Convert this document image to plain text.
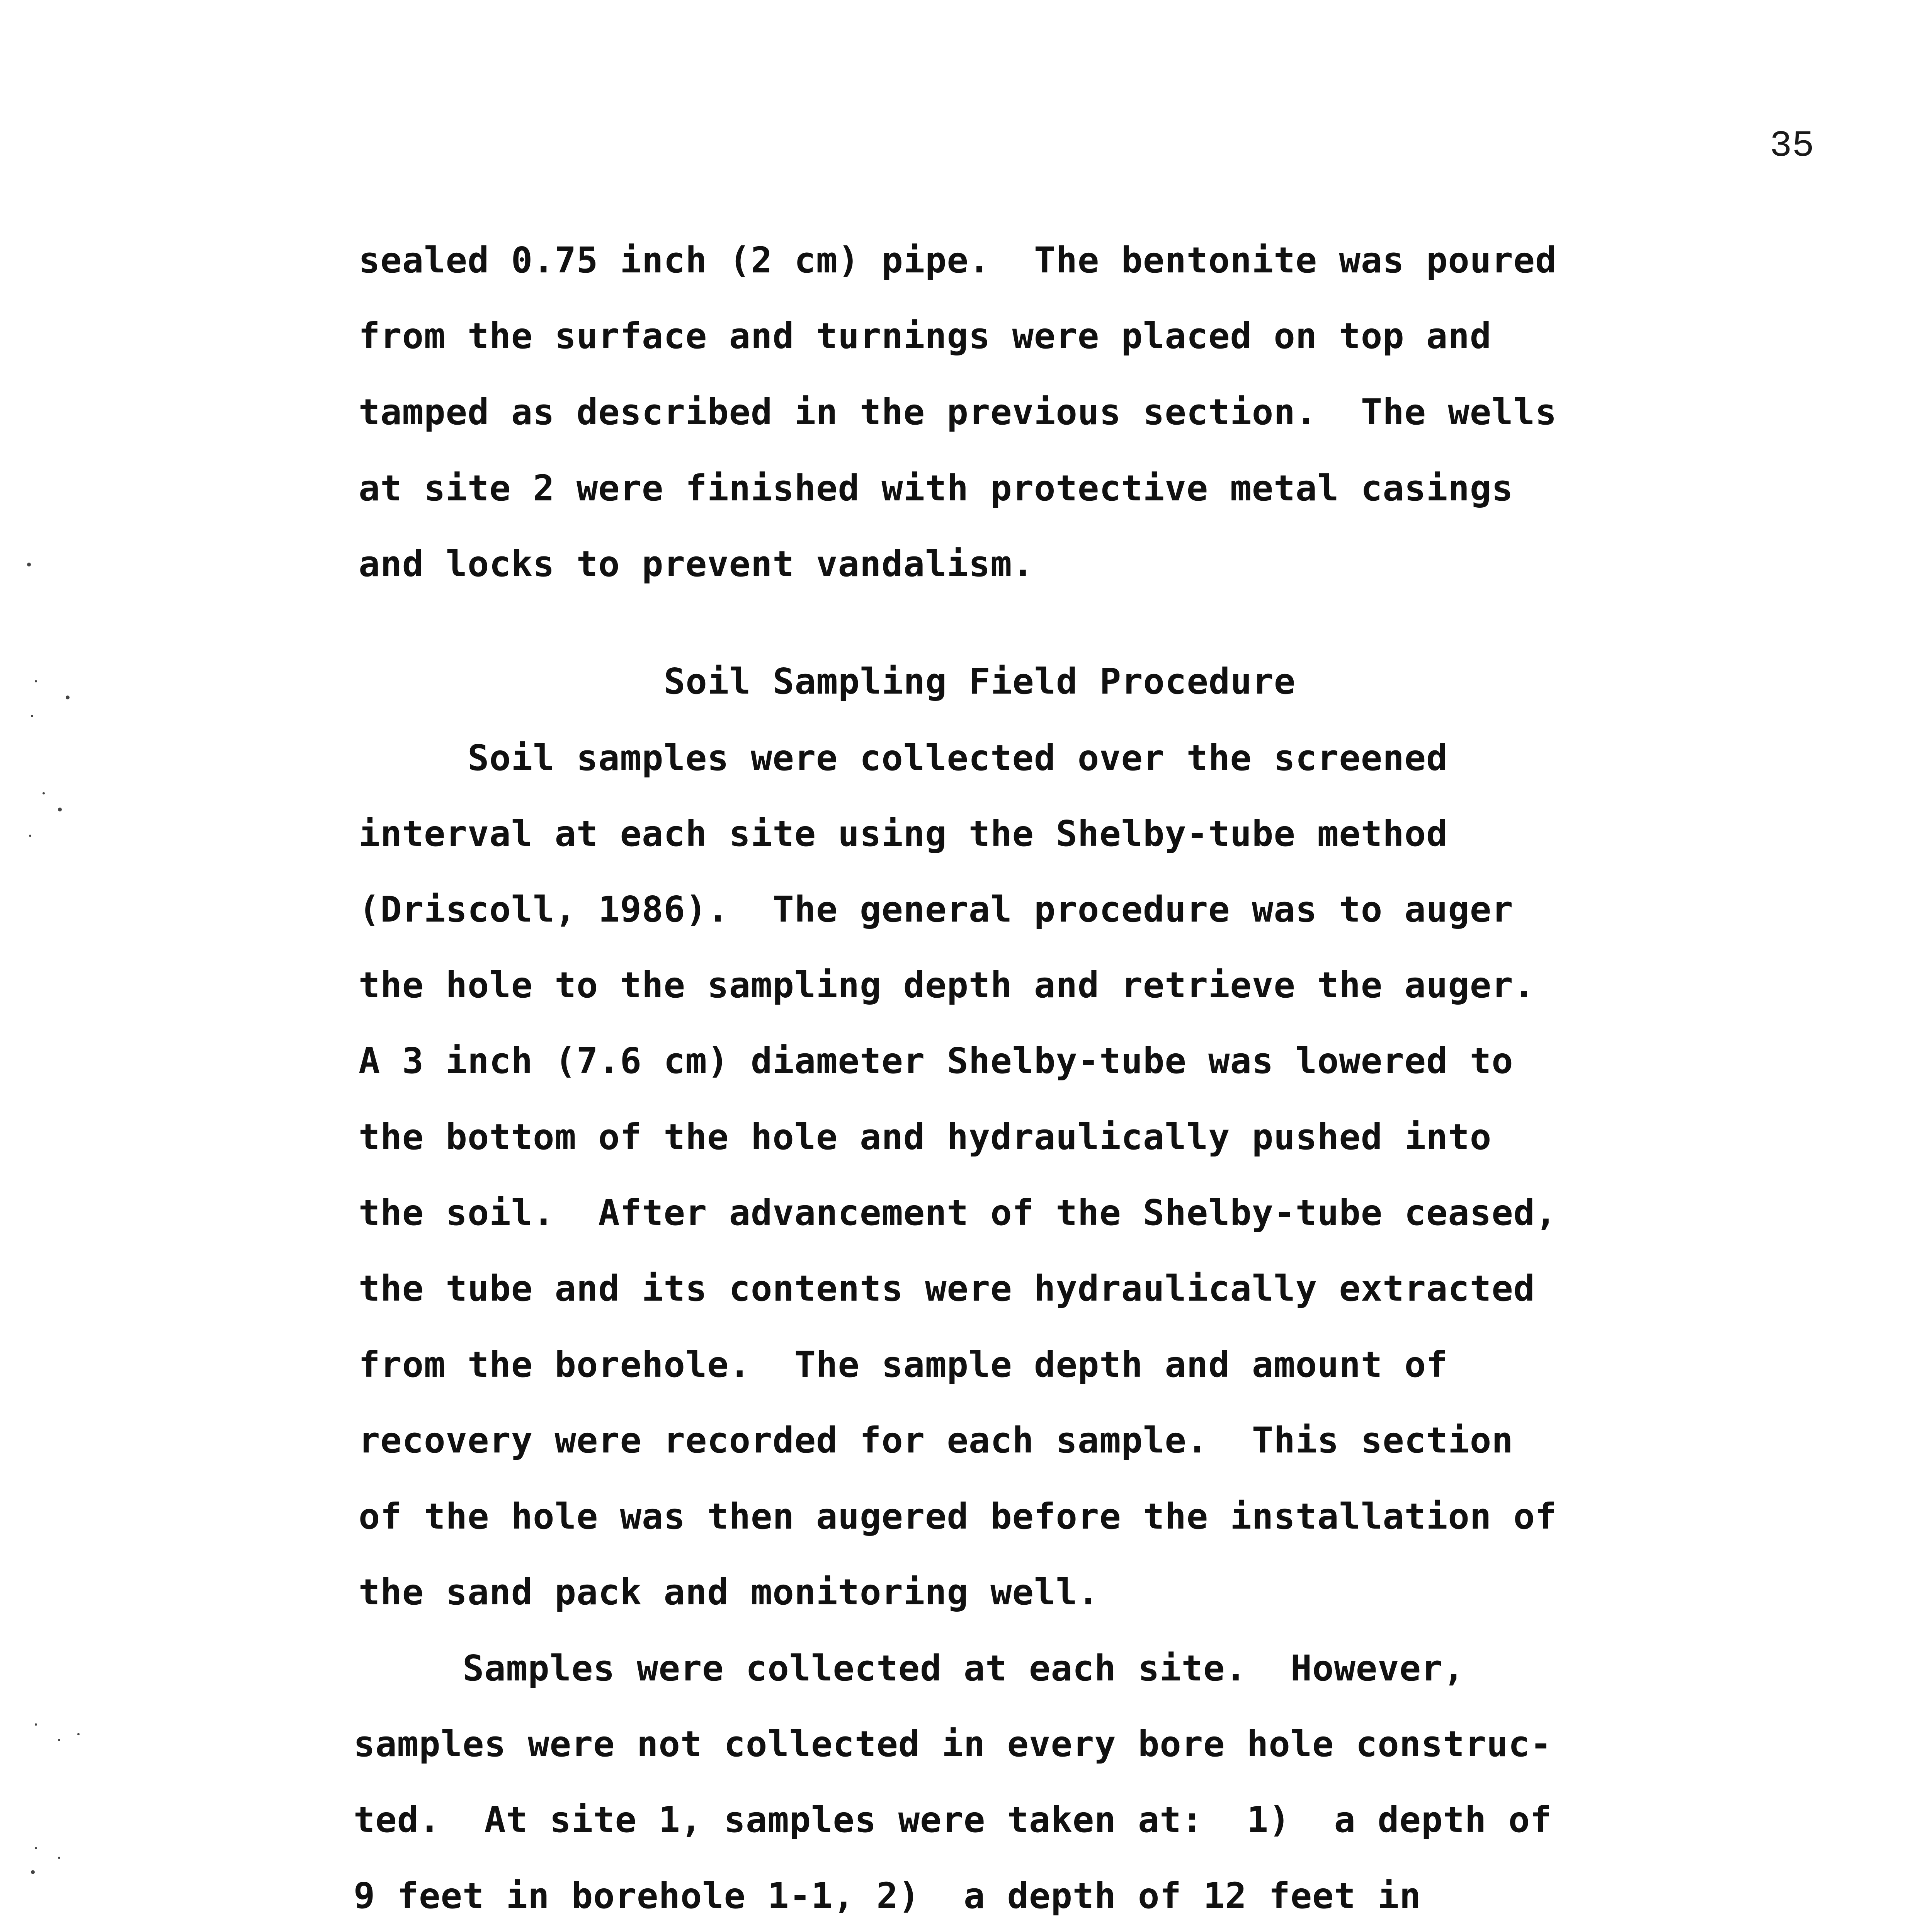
35
sealed 0.75 inch (2 cm) pipe.  The bentonite was poured
from the surface and turnings were placed on top and
tamped as described in the previous section.  The wells
at site 2 were finished with protective metal casings
and locks to prevent vandalism.
Soil Sampling Field Procedure
Soil samples were collected over the screened
interval at each site using the Shelby-tube method
(Driscoll, 1986).  The general procedure was to auger
the hole to the sampling depth and retrieve the auger.
A 3 inch (7.6 cm) diameter Shelby-tube was lowered to
the bottom of the hole and hydraulically pushed into
the soil.  After advancement of the Shelby-tube ceased,
the tube and its contents were hydraulically extracted
from the borehole.  The sample depth and amount of
recovery were recorded for each sample.  This section
of the hole was then augered before the installation of
the sand pack and monitoring well.
Samples were collected at each site.  However,
samples were not collected in every bore hole construc-
ted.  At site 1, samples were taken at:  1)  a depth of
9 feet in borehole 1-1, 2)  a depth of 12 feet in
